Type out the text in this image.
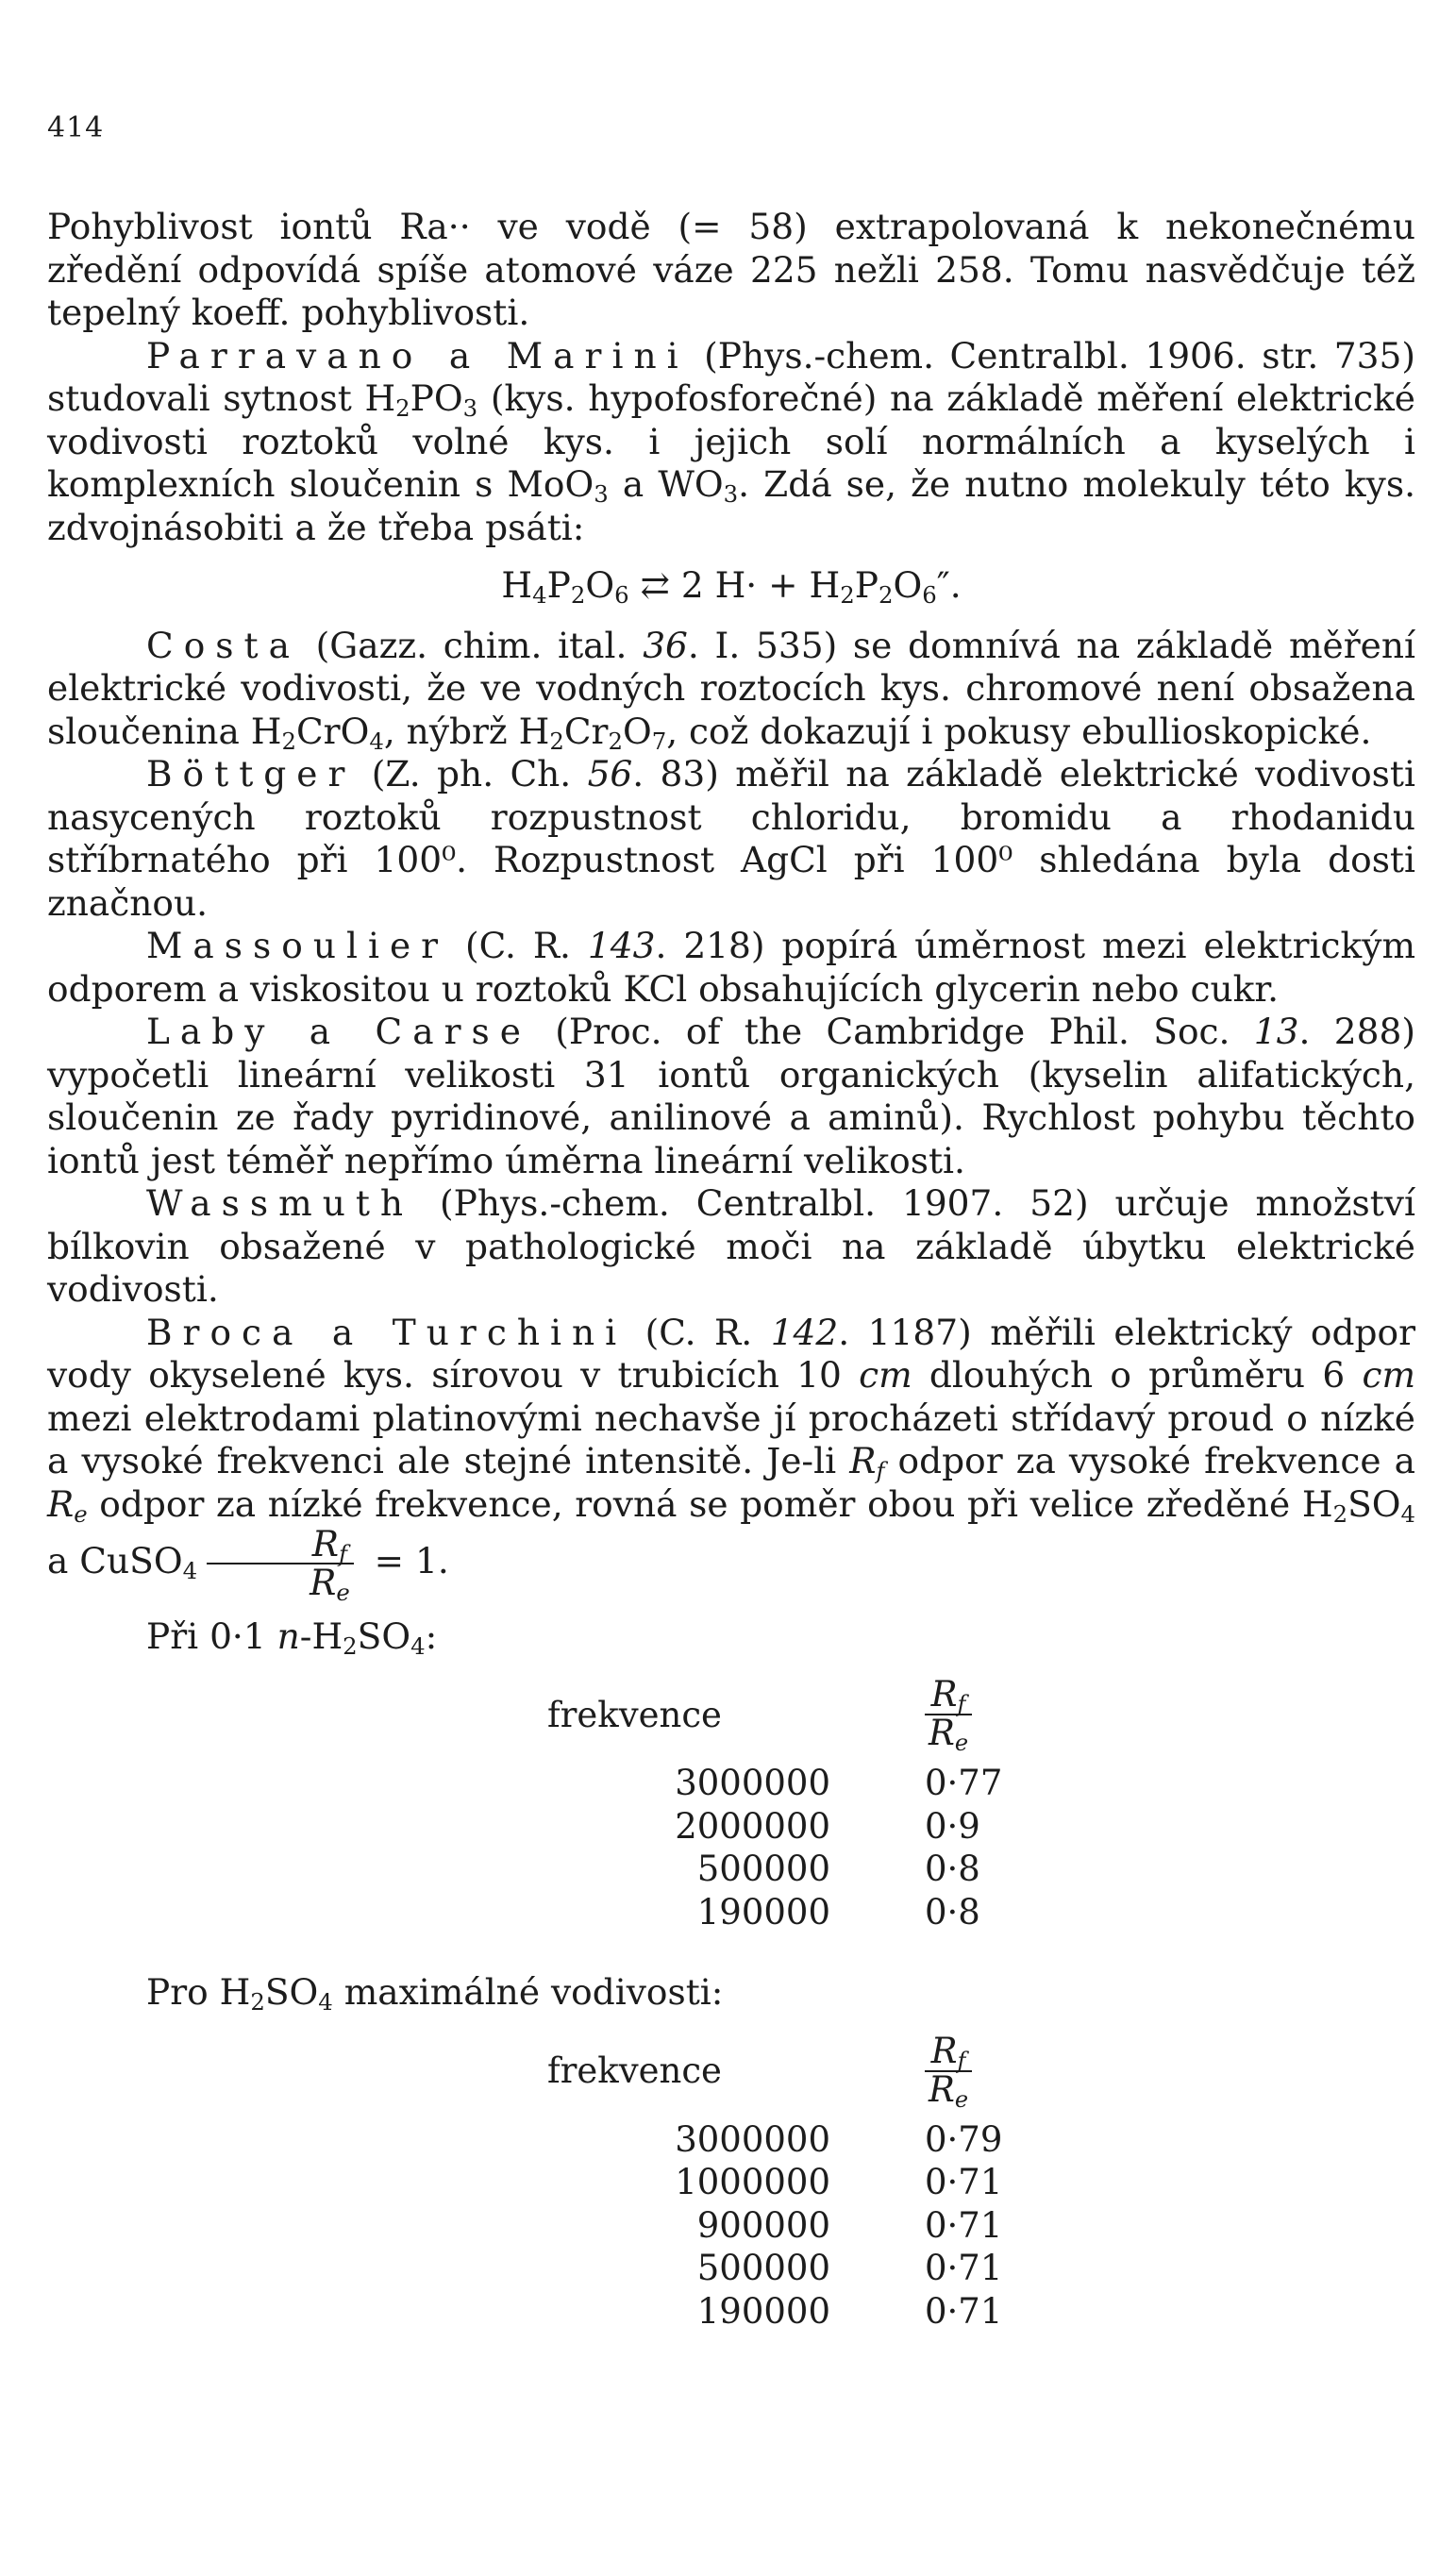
414

Pohyblivost iontů Ra·· ve vodě (= 58) extrapolovaná k nekonečnému zředění odpovídá spíše atomové váze 225 nežli 258. Tomu nasvědčuje též tepelný koeff. pohyblivosti.

Parravano a Marini (Phys.-chem. Centralbl. 1906. str. 735) studovali sytnost $H_2PO_3$ (kys. hypofosforečné) na základě měření elektrické vodivosti roztoků volné kys. i jejich solí normálních a kyselých i komplexních sloučenin s MoO$_3$ a $WO_3$. Zdá se, že nutno molekuly této kys. zdvojnásobiti a že třeba psáti:

$H_4P_2O_6$ ⇄ 2 $H\cdot + H_2P_2O_6''$.

Costa (Gazz. chim. ital. 36. I. 535) se domnívá na základě měření elektrické vodivosti, že ve vodných roztocích kys. chromové není obsažena sloučenina $H_2CrO_4$, nýbrž $H_2Cr_2O_7$, což dokazují i pokusy ebullioskopické.

Böttger (Z. ph. Ch. 56. 83) měřil na základě elektrické vodivosti nasycených roztoků rozpustnost chloridu, bromidu a rhodanidu stříbrnatého při 100⁰. Rozpustnost AgCl při 100⁰ shledána byla dosti značnou.

Massoulier (C. R. 143. 218) popírá úměrnost mezi elektrickým odporem a viskositou u roztoků KCl obsahujících glycerin nebo cukr.

Laby a Carse (Proc. of the Cambridge Phil. Soc. 13. 288) vypočetli lineární velikosti 31 iontů organických (kyselin alifatických, sloučenin ze řady pyridinové, anilinové a aminů). Rychlost pohybu těchto iontů jest téměř nepřímo úměrna lineární velikosti.

Wassmuth (Phys.-chem. Centralbl. 1907. 52) určuje množství bílkovin obsažené v pathologické moči na základě úbytku elektrické vodivosti.

Broca a Turchini (C. R. 142. 1187) měřili elektrický odpor vody okyselené kys. sírovou v trubicích 10 cm dlouhých o průměru 6 cm mezi elektrodami platinovými nechavše jí procházeti střídavý proud o nízké a vysoké frekvenci ale stejné intensitě. Je-li $R_f$ odpor za vysoké frekvence a $R_e$ odpor za nízké frekvence, rovná se poměr obou při velice zředěné $H_2SO_4$ a CuSO$_4$ $\frac{R_f}{R_e} = 1$.

Při 0·1 $n-H_2SO_4$:
frekvence	$\frac{R_f}{R_e}$

3000000	0·77
2000000	0·9
500000	0·8
190000	0·8
Pro $H_2SO_4$ maximálné vodivosti:
frekvence	$\frac{R_f}{R_e}$

3000000	0·79
1000000	0·71
900000	0·71
500000	0·71
190000	0·71
